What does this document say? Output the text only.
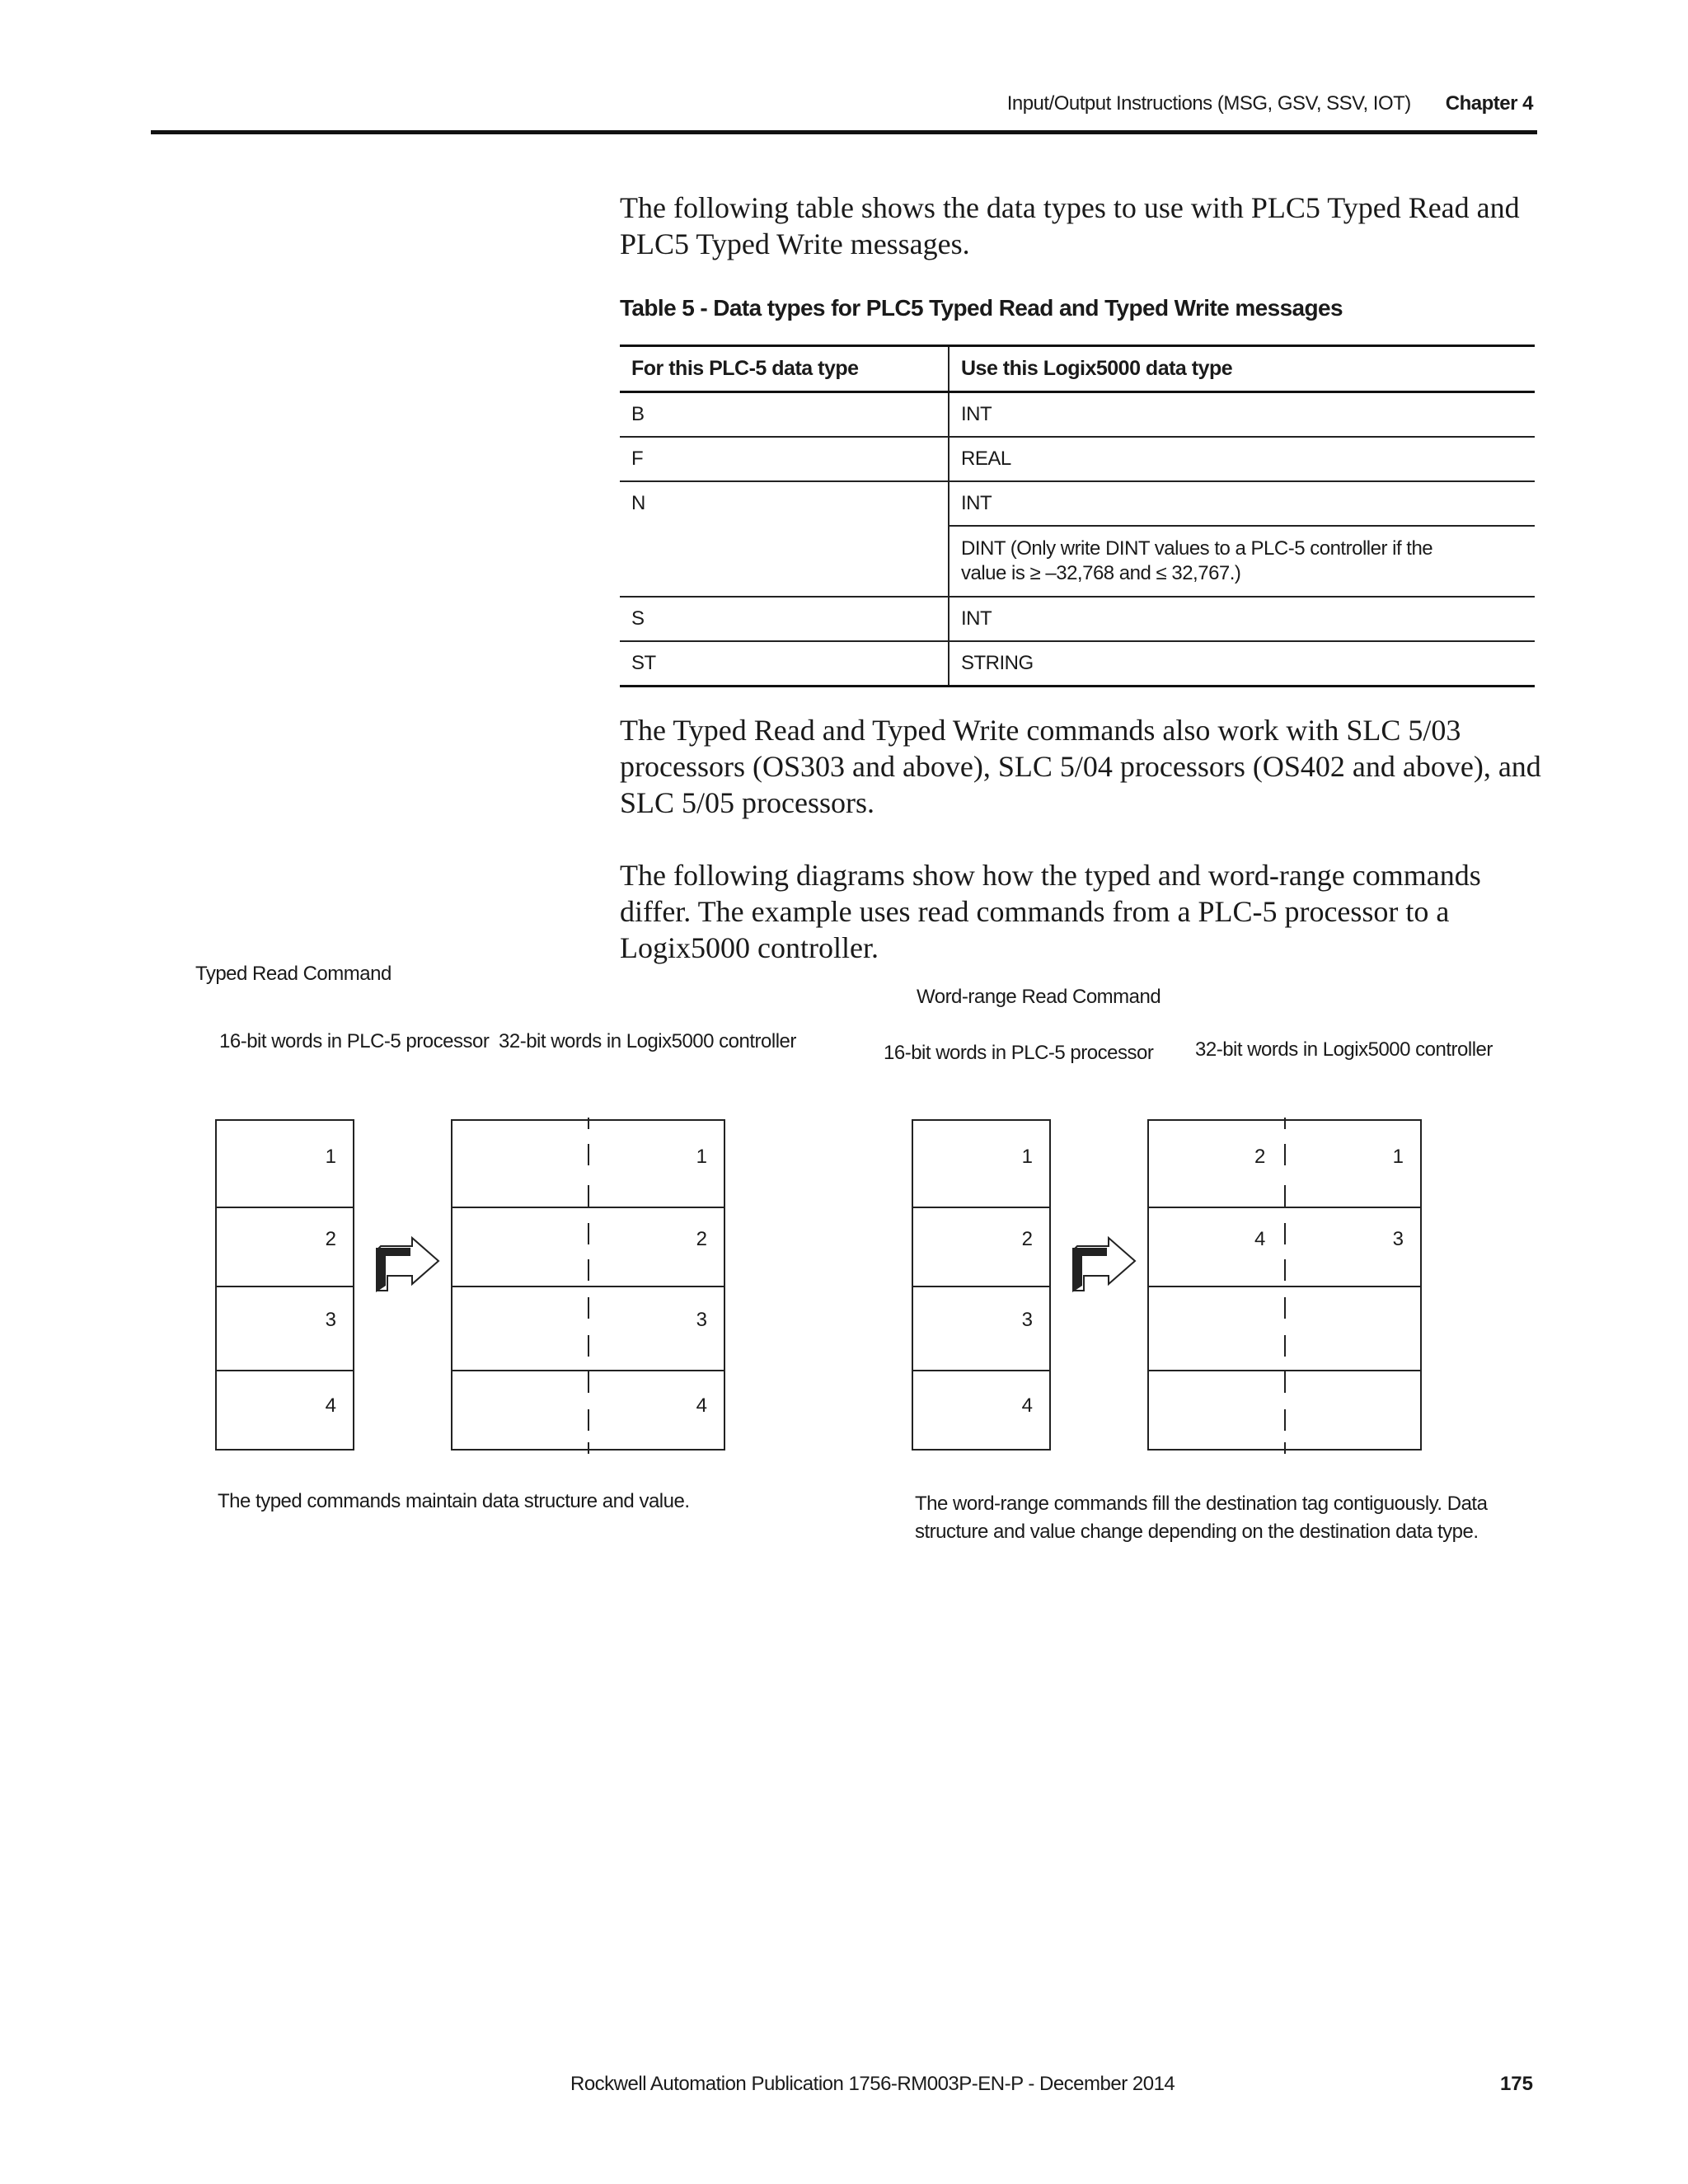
Input/Output Instructions (MSG, GSV, SSV, IOT) Chapter 4
The following table shows the data types to use with PLC5 Typed Read and PLC5 Typed Write messages.
Table 5 - Data types for PLC5 Typed Read and Typed Write messages
For this PLC-5 data type	Use this Logix5000 data type
B	INT
F	REAL
N	INT
	DINT (Only write DINT values to a PLC-5 controller if the value is ≥ –32,768 and ≤ 32,767.)
S	INT
ST	STRING
The Typed Read and Typed Write commands also work with SLC 5/03 processors (OS303 and above), SLC 5/04 processors (OS402 and above), and SLC 5/05 processors.
The following diagrams show how the typed and word-range commands differ. The example uses read commands from a PLC-5 processor to a Logix5000 controller.
Typed Read Command
16-bit words in PLC-5 processor 32-bit words in Logix5000 controller
1
2
3
4
1
2
3
4
The typed commands maintain data structure and value.
Word-range Read Command
16-bit words in PLC-5 processor 32-bit words in Logix5000 controller
1
2
3
4
2	1
4	3
The word-range commands fill the destination tag contiguously. Data structure and value change depending on the destination data type.
Rockwell Automation Publication 1756-RM003P-EN-P - December 2014	175
